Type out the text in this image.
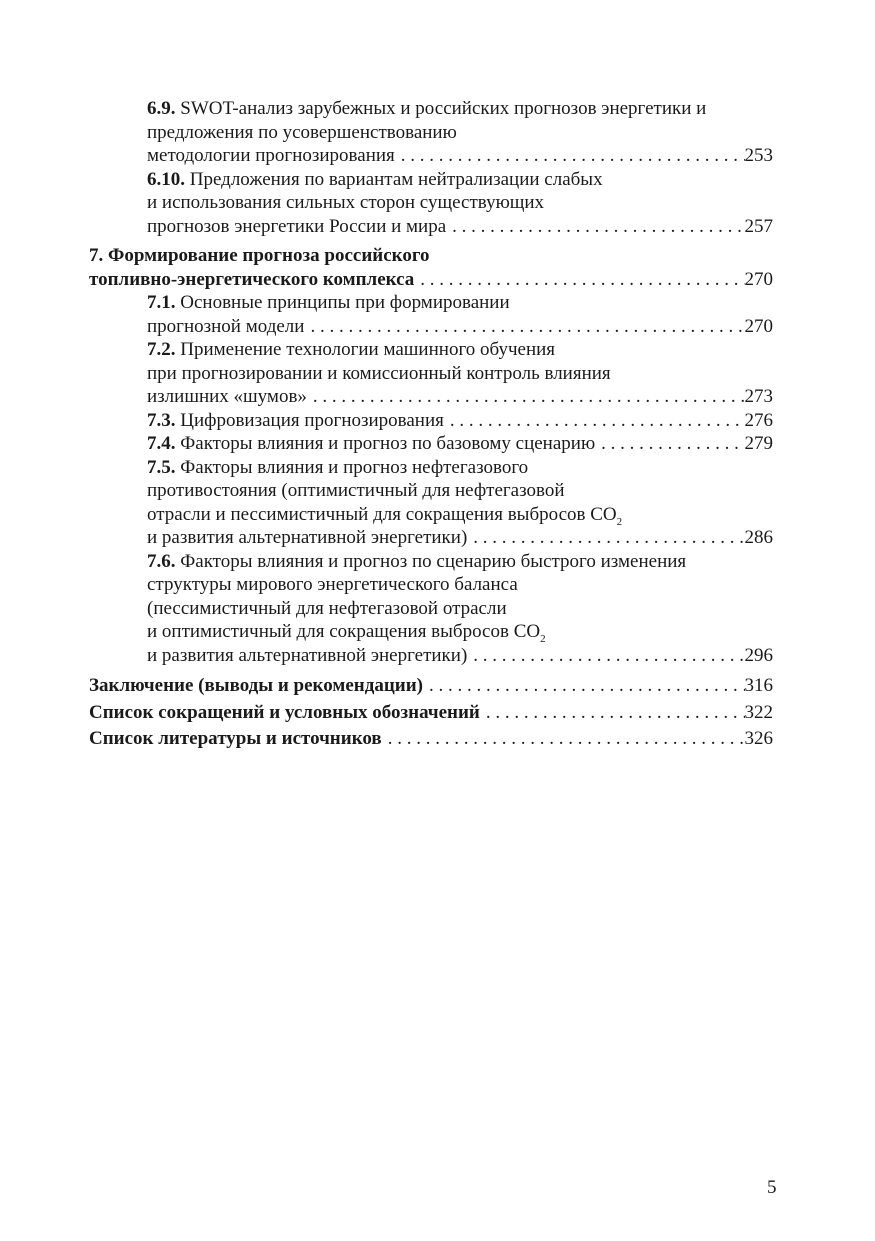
6.9. SWOT-анализ зарубежных и российских прогнозов энергетики и
предложения по усовершенствованию
методологии прогнозирования . . .	253
6.10. Предложения по вариантам нейтрализации слабых
и использования сильных сторон существующих
прогнозов энергетики России и мира . . .	257
7. Формирование прогноза российского
топливно-энергетического комплекса . . .	270
7.1. Основные принципы при формировании
прогнозной модели . . .	270
7.2. Применение технологии машинного обучения
при прогнозировании и комиссионный контроль влияния
излишних «шумов» . . .	273
7.3. Цифровизация прогнозирования . . .	276
7.4. Факторы влияния и прогноз по базовому сценарию . . .	279
7.5. Факторы влияния и прогноз нефтегазового
противостояния (оптимистичный для нефтегазовой
отрасли и пессимистичный для сокращения выбросов $CO_2$
и развития альтернативной энергетики) . . .	286
7.6. Факторы влияния и прогноз по сценарию быстрого изменения
структуры мирового энергетического баланса
(пессимистичный для нефтегазовой отрасли
и оптимистичный для сокращения выбросов $CO_2$
и развития альтернативной энергетики) . . .	296
Заключение (выводы и рекомендации) . . .	316
Список сокращений и условных обозначений . . .	322
Список литературы и источников . . .	326
5
